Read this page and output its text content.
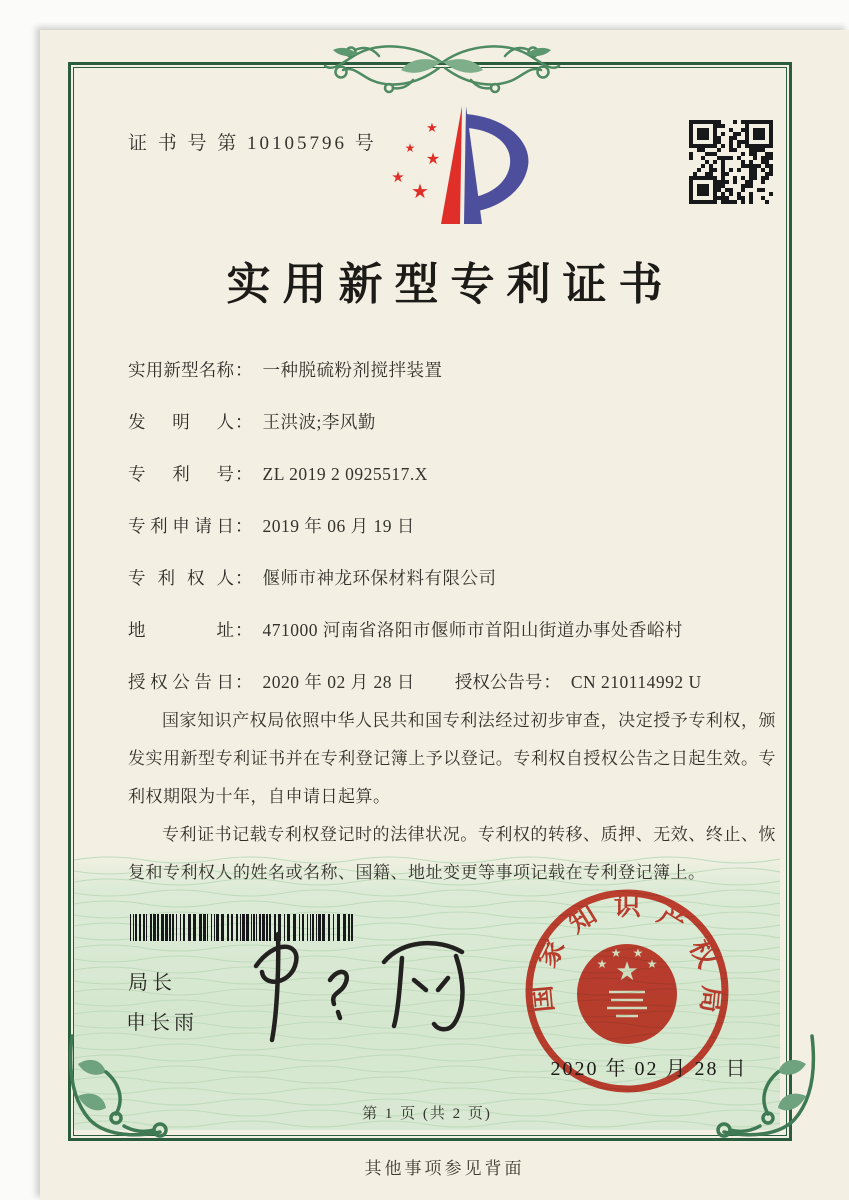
局长
申长雨
国家知识产权局
★
★
★ ★
★
2020 年 02 月 28 日
第 1 页 (共 2 页)
证 书 号 第 10105796 号
★
★
★
★
★
实用新型专利证书
实用新型名称 ： 一种脱硫粉剂搅拌装置
发明人 ： 王洪波;李风勤
专利号 ： ZL 2019 2 0925517.X
专利申请日 ： 2019 年 06 月 19 日
专利权人 ： 偃师市神龙环保材料有限公司
地址 ： 471000 河南省洛阳市偃师市首阳山街道办事处香峪村
授权公告日 ： 2020 年 02 月 28 日 授权公告号 ： CN 210114992 U

国家知识产权局依照中华人民共和国专利法经过初步审查，决定授予专利权，颁发实用新型专利证书并在专利登记簿上予以登记。专利权自授权公告之日起生效。专利权期限为十年，自申请日起算。

专利证书记载专利权登记时的法律状况。专利权的转移、质押、无效、终止、恢复和专利权人的姓名或名称、国籍、地址变更等事项记载在专利登记簿上。

其他事项参见背面
